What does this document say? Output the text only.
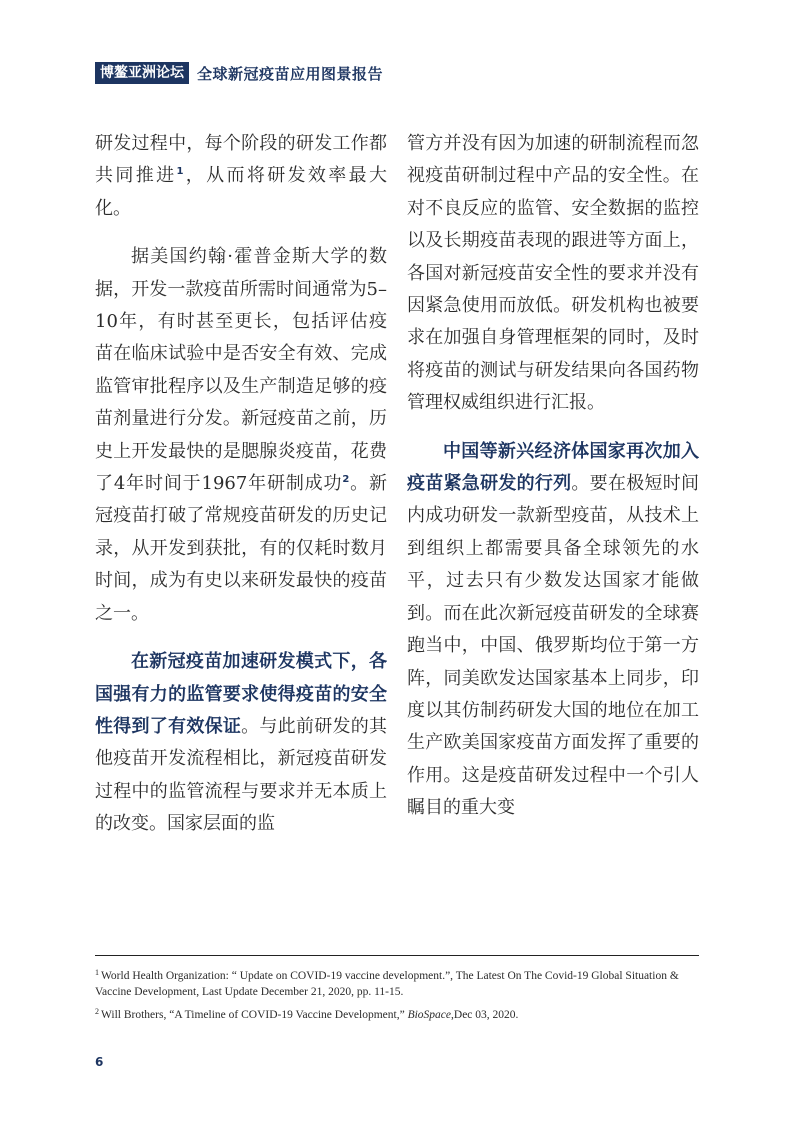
博鳌亚洲论坛 全球新冠疫苗应用图景报告

研发过程中，每个阶段的研发工作都共同推进$^1$，从而将研发效率最大化。

据美国约翰·霍普金斯大学的数据，开发一款疫苗所需时间通常为5–10年，有时甚至更长，包括评估疫苗在临床试验中是否安全有效、完成监管审批程序以及生产制造足够的疫苗剂量进行分发。新冠疫苗之前，历史上开发最快的是腮腺炎疫苗，花费了4年时间于1967年研制成功$^2$。新冠疫苗打破了常规疫苗研发的历史记录，从开发到获批，有的仅耗时数月时间，成为有史以来研发最快的疫苗之一。

在新冠疫苗加速研发模式下，各国强有力的监管要求使得疫苗的安全性得到了有效保证。与此前研发的其他疫苗开发流程相比，新冠疫苗研发过程中的监管流程与要求并无本质上的改变。国家层面的监

管方并没有因为加速的研制流程而忽视疫苗研制过程中产品的安全性。在对不良反应的监管、安全数据的监控以及长期疫苗表现的跟进等方面上，各国对新冠疫苗安全性的要求并没有因紧急使用而放低。研发机构也被要求在加强自身管理框架的同时，及时将疫苗的测试与研发结果向各国药物管理权威组织进行汇报。

中国等新兴经济体国家再次加入疫苗紧急研发的行列。要在极短时间内成功研发一款新型疫苗，从技术上到组织上都需要具备全球领先的水平，过去只有少数发达国家才能做到。而在此次新冠疫苗研发的全球赛跑当中，中国、俄罗斯均位于第一方阵，同美欧发达国家基本上同步，印度以其仿制药研发大国的地位在加工生产欧美国家疫苗方面发挥了重要的作用。这是疫苗研发过程中一个引人瞩目的重大变

$^1$ World Health Organization: “ Update on COVID-19 vaccine development.”, The Latest On The Covid-19 Global Situation & Vaccine Development, Last Update December 21, 2020, pp. 11-15.

$^2$ Will Brothers, “A Timeline of COVID-19 Vaccine Development,” BioSpace,Dec 03, 2020.

6
